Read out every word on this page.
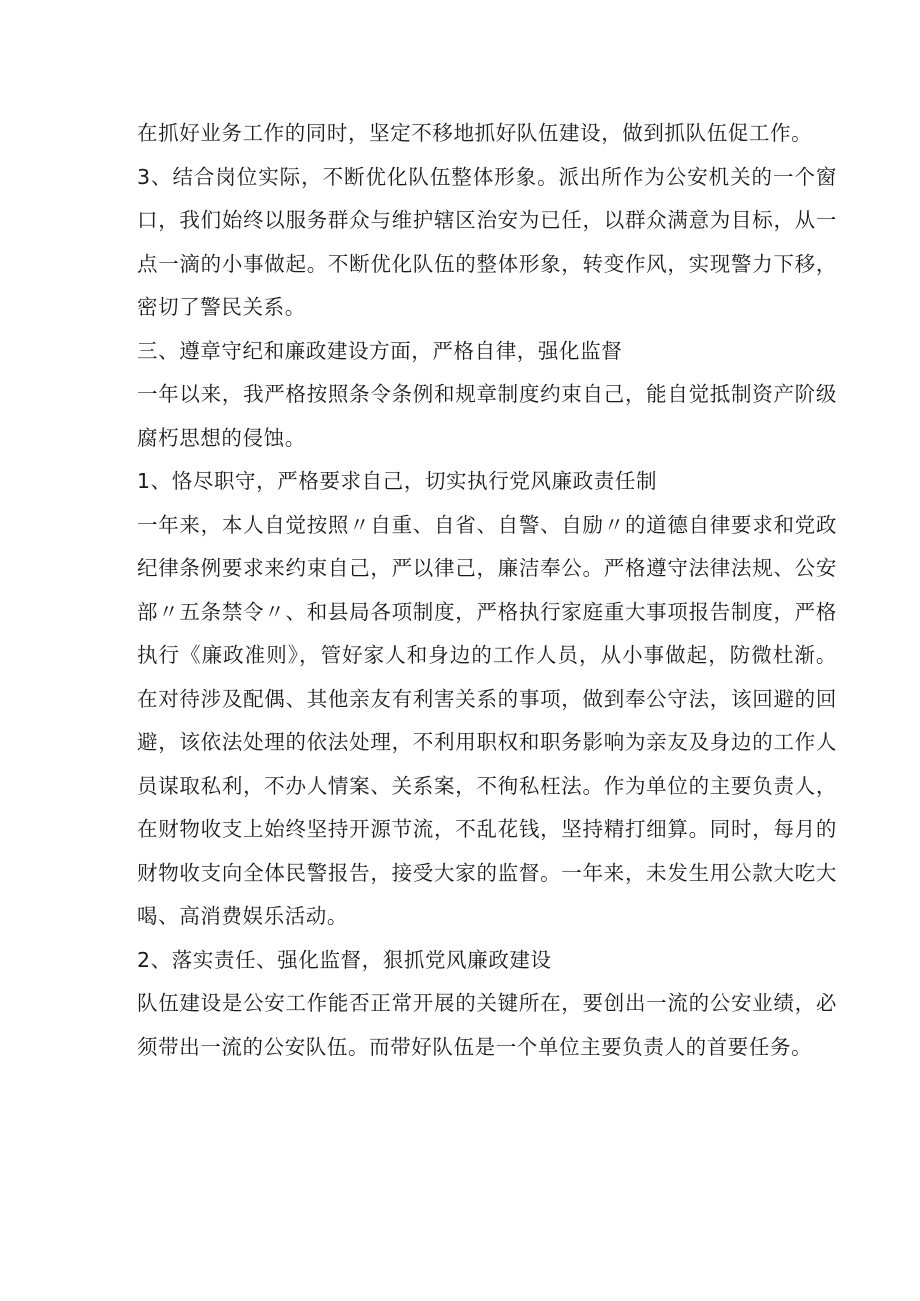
在抓好业务工作的同时，坚定不移地抓好队伍建设，做到抓队伍促工作。

3、结合岗位实际，不断优化队伍整体形象。派出所作为公安机关的一个窗口，我们始终以服务群众与维护辖区治安为已任，以群众满意为目标，从一点一滴的小事做起。不断优化队伍的整体形象，转变作风，实现警力下移，密切了警民关系。

三、遵章守纪和廉政建设方面，严格自律，强化监督

一年以来，我严格按照条令条例和规章制度约束自己，能自觉抵制资产阶级腐朽思想的侵蚀。

1、恪尽职守，严格要求自己，切实执行党风廉政责任制

一年来，本人自觉按照〃自重、自省、自警、自励〃的道德自律要求和党政纪律条例要求来约束自己，严以律己，廉洁奉公。严格遵守法律法规、公安部〃五条禁令〃、和县局各项制度，严格执行家庭重大事项报告制度，严格执行《廉政准则》，管好家人和身边的工作人员，从小事做起，防微杜渐。在对待涉及配偶、其他亲友有利害关系的事项，做到奉公守法，该回避的回避，该依法处理的依法处理，不利用职权和职务影响为亲友及身边的工作人员谋取私利，不办人情案、关系案，不徇私枉法。作为单位的主要负责人，在财物收支上始终坚持开源节流，不乱花钱，坚持精打细算。同时，每月的财物收支向全体民警报告，接受大家的监督。一年来，未发生用公款大吃大喝、高消费娱乐活动。

2、落实责任、强化监督，狠抓党风廉政建设

队伍建设是公安工作能否正常开展的关键所在，要创出一流的公安业绩，必须带出一流的公安队伍。而带好队伍是一个单位主要负责人的首要任务。
